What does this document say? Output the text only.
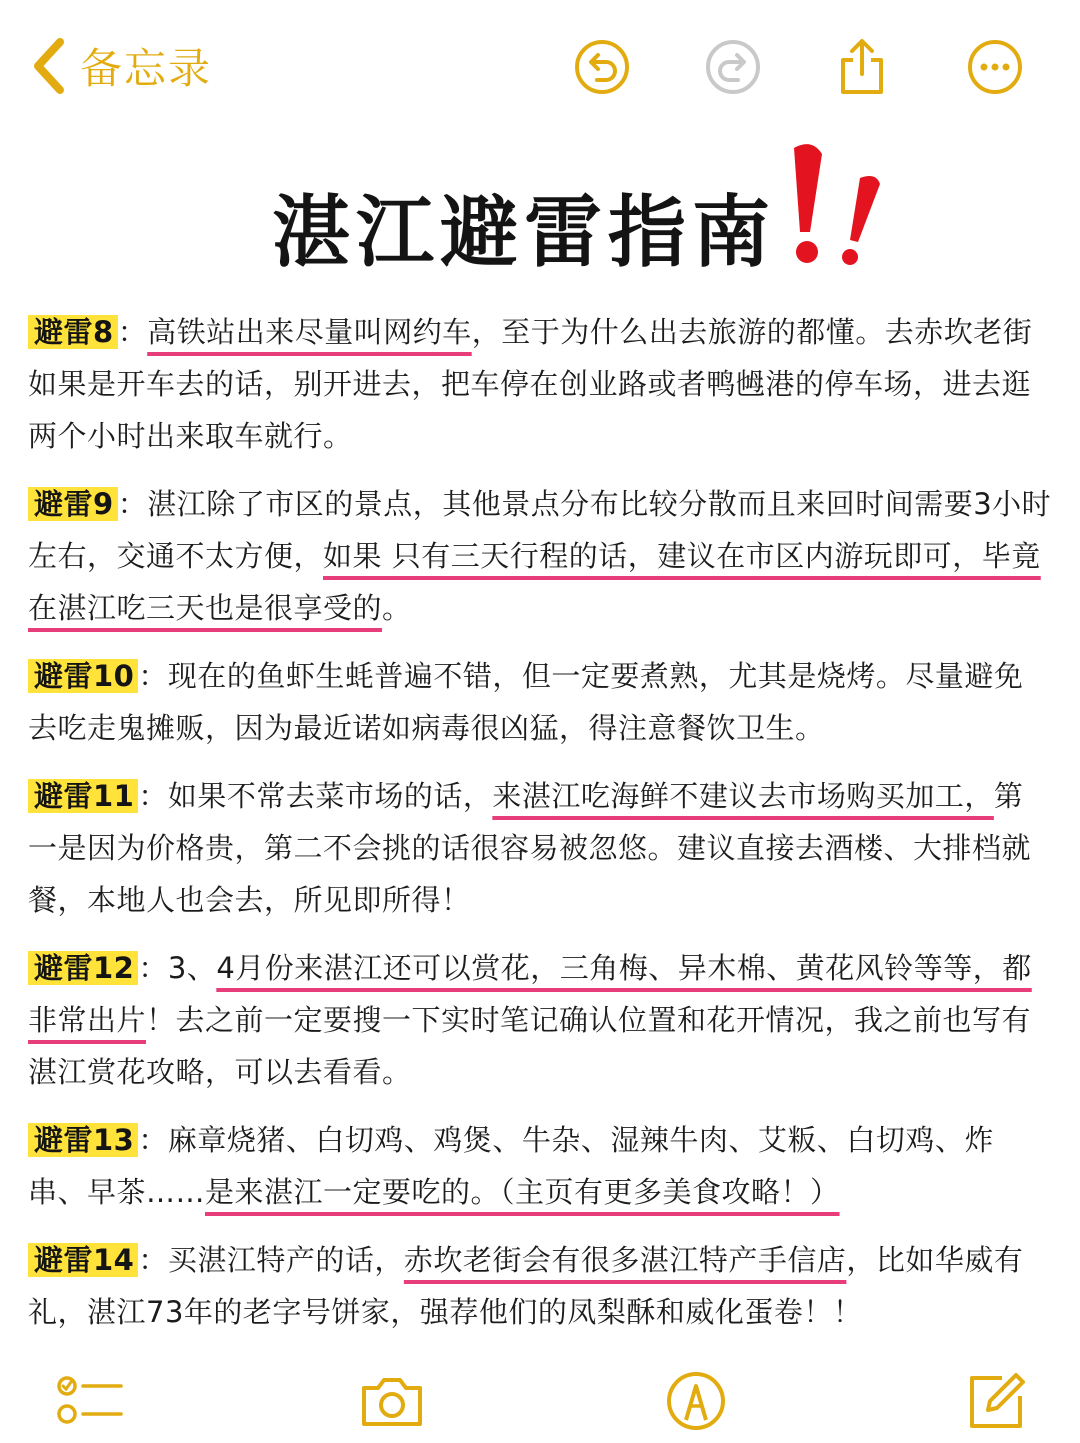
备忘录
湛江避雷指南

避雷8 ：高铁站出来尽量叫网约车，至于为什么出去旅游的都懂。去赤坎老街如果是开车去的话，别开进去，把车停在创业路或者鸭乸港的停车场，进去逛两个小时出来取车就行。

避雷9 ：湛江除了市区的景点，其他景点分布比较分散而且来回时间需要3小时左右，交通不太方便，如果 只有三天行程的话，建议在市区内游玩即可，毕竟在湛江吃三天也是很享受的。

避雷10 ：现在的鱼虾生蚝普遍不错，但一定要煮熟，尤其是烧烤。尽量避免去吃走鬼摊贩，因为最近诺如病毒很凶猛，得注意餐饮卫生。

避雷11 ：如果不常去菜市场的话，来湛江吃海鲜不建议去市场购买加工，第一是因为价格贵，第二不会挑的话很容易被忽悠。建议直接去酒楼、大排档就餐，本地人也会去，所见即所得！

避雷12 ：3、4月份来湛江还可以赏花，三角梅、异木棉、黄花风铃等等，都非常出片！去之前一定要搜一下实时笔记确认位置和花开情况，我之前也写有湛江赏花攻略，可以去看看。

避雷13 ：麻章烧猪、白切鸡、鸡煲、牛杂、湿辣牛肉、艾粄、白切鸡、炸串、早茶……是来湛江一定要吃的。（主页有更多美食攻略！）

避雷14 ：买湛江特产的话，赤坎老街会有很多湛江特产手信店，比如华威有礼，湛江73年的老字号饼家，强荐他们的凤梨酥和威化蛋卷！！
